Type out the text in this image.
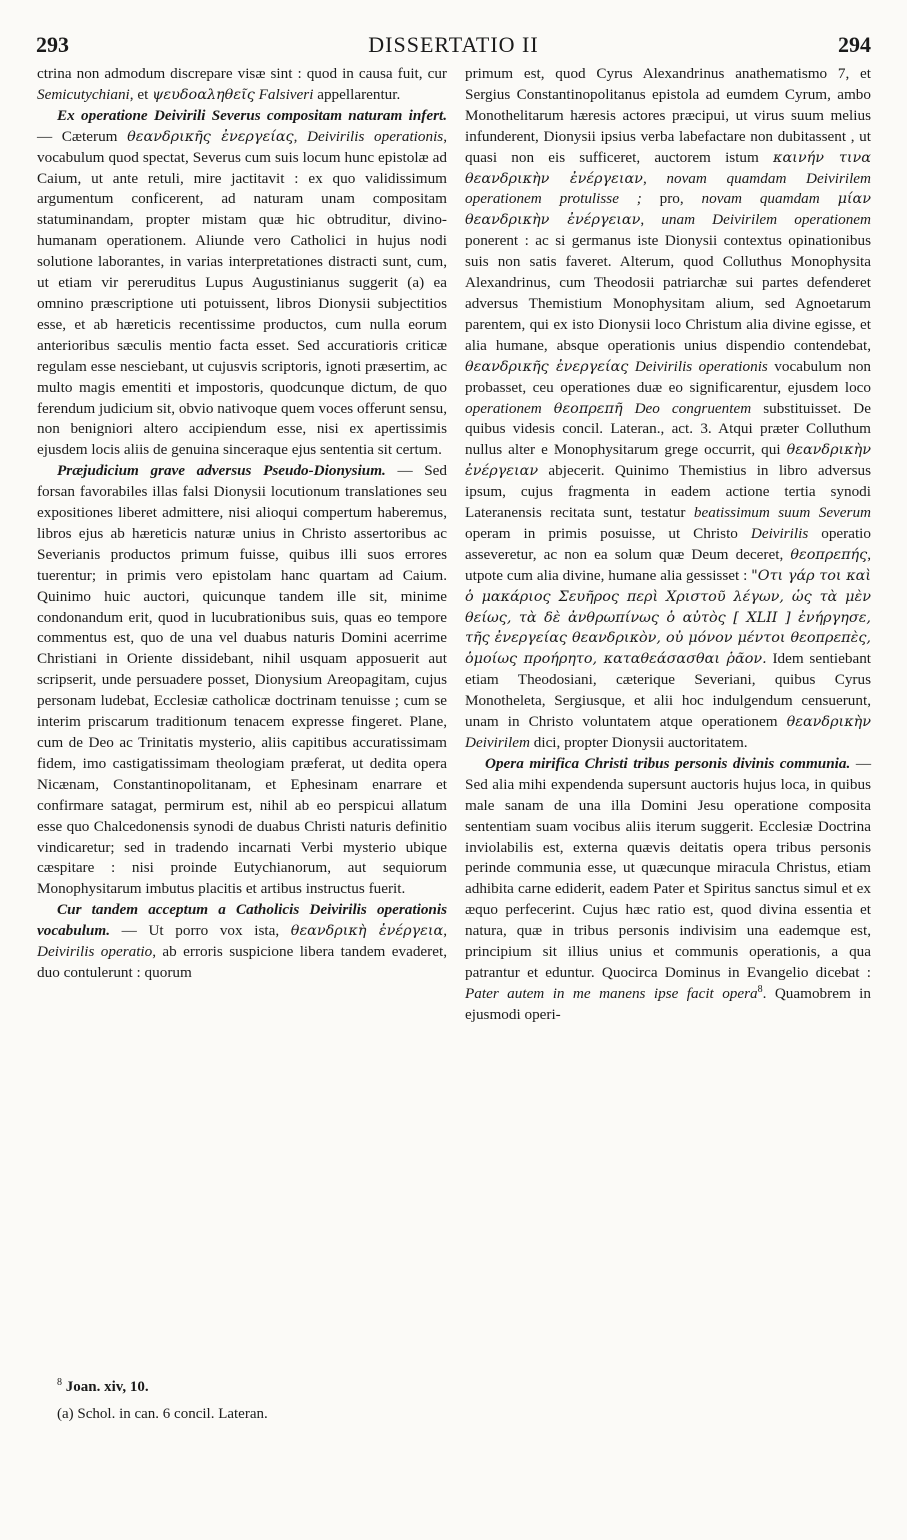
293	DISSERTATIO II	294

ctrina non admodum discrepare visæ sint : quod in causa fuit, cur Semicutychiani, et ψευδοαληθεῖς Falsiveri appellarentur.

Ex operatione Deivirili Severus compositam naturam infert. — Cæterum θεανδρικῆς ἐνεργείας, Deivirilis operationis, vocabulum quod spectat, Severus cum suis locum hunc epistolæ ad Caium, ut ante retuli, mire jactitavit : ex quo validissimum argumentum conficerent, ad naturam unam compositam statuminandam, propter mistam quæ hic obtruditur, divino-humanam operationem. Aliunde vero Catholici in hujus nodi solutione laborantes, in varias interpretationes distracti sunt, cum, ut etiam vir pereruditus Lupus Augustinianus suggerit (a) ea omnino præscriptione uti potuissent, libros Dionysii subjectitios esse, et ab hæreticis recentissime productos, cum nulla eorum anterioribus sæculis mentio facta esset. Sed accuratioris criticæ regulam esse nesciebant, ut cujusvis scriptoris, ignoti præsertim, ac multo magis ementiti et impostoris, quodcunque dictum, de quo ferendum judicium sit, obvio nativoque quem voces offerunt sensu, non benigniori altero accipiendum esse, nisi ex apertissimis ejusdem locis aliis de genuina sinceraque ejus sententia sit certum.

Præjudicium grave adversus Pseudo-Dionysium. — Sed forsan favorabiles illas falsi Dionysii locutionum translationes seu expositiones liberet admittere, nisi alioqui compertum haberemus, libros ejus ab hæreticis naturæ unius in Christo assertoribus ac Severianis productos primum fuisse, quibus illi suos errores tuerentur; in primis vero epistolam hanc quartam ad Caium. Quinimo huic auctori, quicunque tandem ille sit, minime condonandum erit, quod in lucubrationibus suis, quas eo tempore commentus est, quo de una vel duabus naturis Domini acerrime Christiani in Oriente dissidebant, nihil usquam apposuerit aut scripserit, unde persuadere posset, Dionysium Areopagitam, cujus personam ludebat, Ecclesiæ catholicæ doctrinam tenuisse ; cum se interim priscarum traditionum tenacem expresse fingeret. Plane, cum de Deo ac Trinitatis mysterio, aliis capitibus accuratissimam fidem, imo castigatissimam theologiam præferat, ut dedita opera Nicænam, Constantinopolitanam, et Ephesinam enarrare et confirmare satagat, permirum est, nihil ab eo perspicui allatum esse quo Chalcedonensis synodi de duabus Christi naturis definitio vindicaretur; sed in tradendo incarnati Verbi mysterio ubique cæspitare : nisi proinde Eutychianorum, aut sequiorum Monophysitarum imbutus placitis et artibus instructus fuerit.

Cur tandem acceptum a Catholicis Deivirilis operationis vocabulum. — Ut porro vox ista, θεανδρικὴ ἐνέργεια, Deivirilis operatio, ab erroris suspicione libera tandem evaderet, duo contulerunt : quorum

$^8$ Joan. xiv, 10.

(a) Schol. in can. 6 concil. Lateran.

primum est, quod Cyrus Alexandrinus anathematismo 7, et Sergius Constantinopolitanus epistola ad eumdem Cyrum, ambo Monothelitarum hæresis actores præcipui, ut virus suum melius infunderent, Dionysii ipsius verba labefactare non dubitassent , ut quasi non eis sufficeret, auctorem istum καινήν τινα θεανδρικὴν ἐνέργειαν, novam quamdam Deivirilem operationem protulisse ; pro, novam quamdam μίαν θεανδρικὴν ἐνέργειαν, unam Deivirilem operationem ponerent : ac si germanus iste Dionysii contextus opinationibus suis non satis faveret. Alterum, quod Colluthus Monophysita Alexandrinus, cum Theodosii patriarchæ sui partes defenderet adversus Themistium Monophysitam alium, sed Agnoetarum parentem, qui ex isto Dionysii loco Christum alia divine egisse, et alia humane, absque operationis unius dispendio contendebat, θεανδρικῆς ἐνεργείας Deivirilis operationis vocabulum non probasset, ceu operationes duæ eo significarentur, ejusdem loco operationem θεοπρεπῆ Deo congruentem substituisset. De quibus videsis concil. Lateran., act. 3. Atqui præter Colluthum nullus alter e Monophysitarum grege occurrit, qui θεανδρικὴν ἐνέργειαν abjecerit. Quinimo Themistius in libro adversus ipsum, cujus fragmenta in eadem actione tertia synodi Lateranensis recitata sunt, testatur beatissimum suum Severum operam in primis posuisse, ut Christo Deivirilis operatio asseveretur, ac non ea solum quæ Deum deceret, θεοπρεπής, utpote cum alia divine, humane alia gessisset : "Οτι γάρ τοι καὶ ὁ μακάριος Σευῆρος περὶ Χριστοῦ λέγων, ὡς τὰ μὲν θείως, τὰ δὲ ἀνθρωπίνως ὁ αὐτὸς [ XLII ] ἐνήργησε, τῆς ἐνεργείας θεανδρικὸν, οὐ μόνον μέντοι θεοπρεπὲς, ὁμοίως προήρητο, καταθεάσασθαι ῥᾶον. Idem sentiebant etiam Theodosiani, cæterique Severiani, quibus Cyrus Monotheleta, Sergiusque, et alii hoc indulgendum censuerunt, unam in Christo voluntatem atque operationem θεανδρικὴν Deivirilem dici, propter Dionysii auctoritatem.

Opera mirifica Christi tribus personis divinis communia. — Sed alia mihi expendenda supersunt auctoris hujus loca, in quibus male sanam de una illa Domini Jesu operatione composita sententiam suam vocibus aliis iterum suggerit. Ecclesiæ Doctrina inviolabilis est, externa quævis deitatis opera tribus personis perinde communia esse, ut quæcunque miracula Christus, etiam adhibita carne ediderit, eadem Pater et Spiritus sanctus simul et ex æquo perfecerint. Cujus hæc ratio est, quod divina essentia et natura, quæ in tribus personis indivisim una eademque est, principium sit illius unius et communis operationis, a qua patrantur et eduntur. Quocirca Dominus in Evangelio dicebat : Pater autem in me manens ipse facit opera$^8$. Quamobrem in ejusmodi operi-
